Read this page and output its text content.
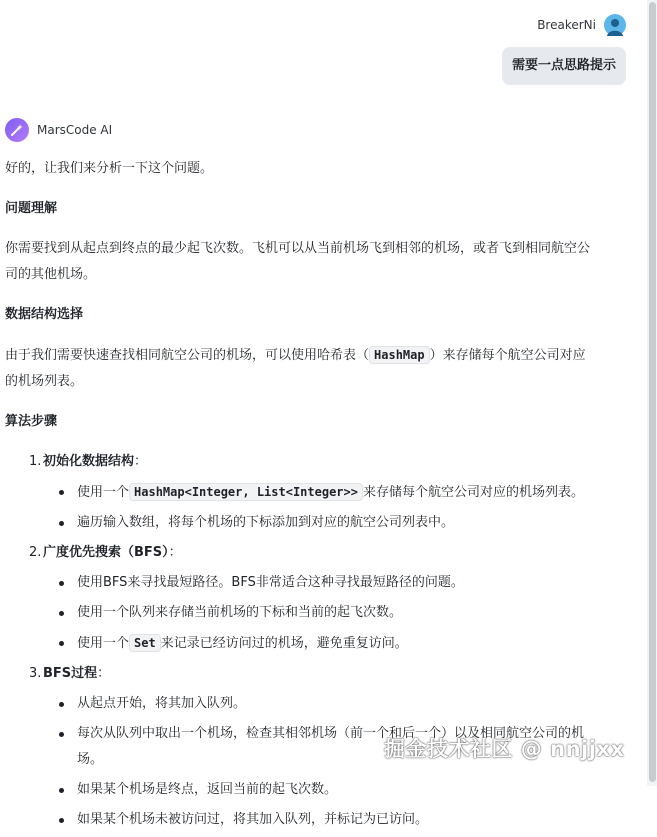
BreakerNi
需要一点思路提示
MarsCode AI

好的，让我们来分析一下这个问题。

问题理解

你需要找到从起点到终点的最少起飞次数。飞机可以从当前机场飞到相邻的机场，或者飞到相同航空公司的其他机场。

数据结构选择

由于我们需要快速查找相同航空公司的机场，可以使用哈希表（ HashMap ）来存储每个航空公司对应的机场列表。

算法步骤
1. 初始化数据结构：
使用一个 HashMap<Integer, List<Integer>> 来存储每个航空公司对应的机场列表。
遍历输入数组，将每个机场的下标添加到对应的航空公司列表中。
2. 广度优先搜索（BFS）：
使用BFS来寻找最短路径。BFS非常适合这种寻找最短路径的问题。
使用一个队列来存储当前机场的下标和当前的起飞次数。
使用一个 Set 来记录已经访问过的机场，避免重复访问。
3. BFS过程：
从起点开始，将其加入队列。
每次从队列中取出一个机场，检查其相邻机场（前一个和后一个）以及相同航空公司的机场。
如果某个机场是终点，返回当前的起飞次数。
如果某个机场未被访问过，将其加入队列，并标记为已访问。
掘金技术社区 @ nnjjxx
